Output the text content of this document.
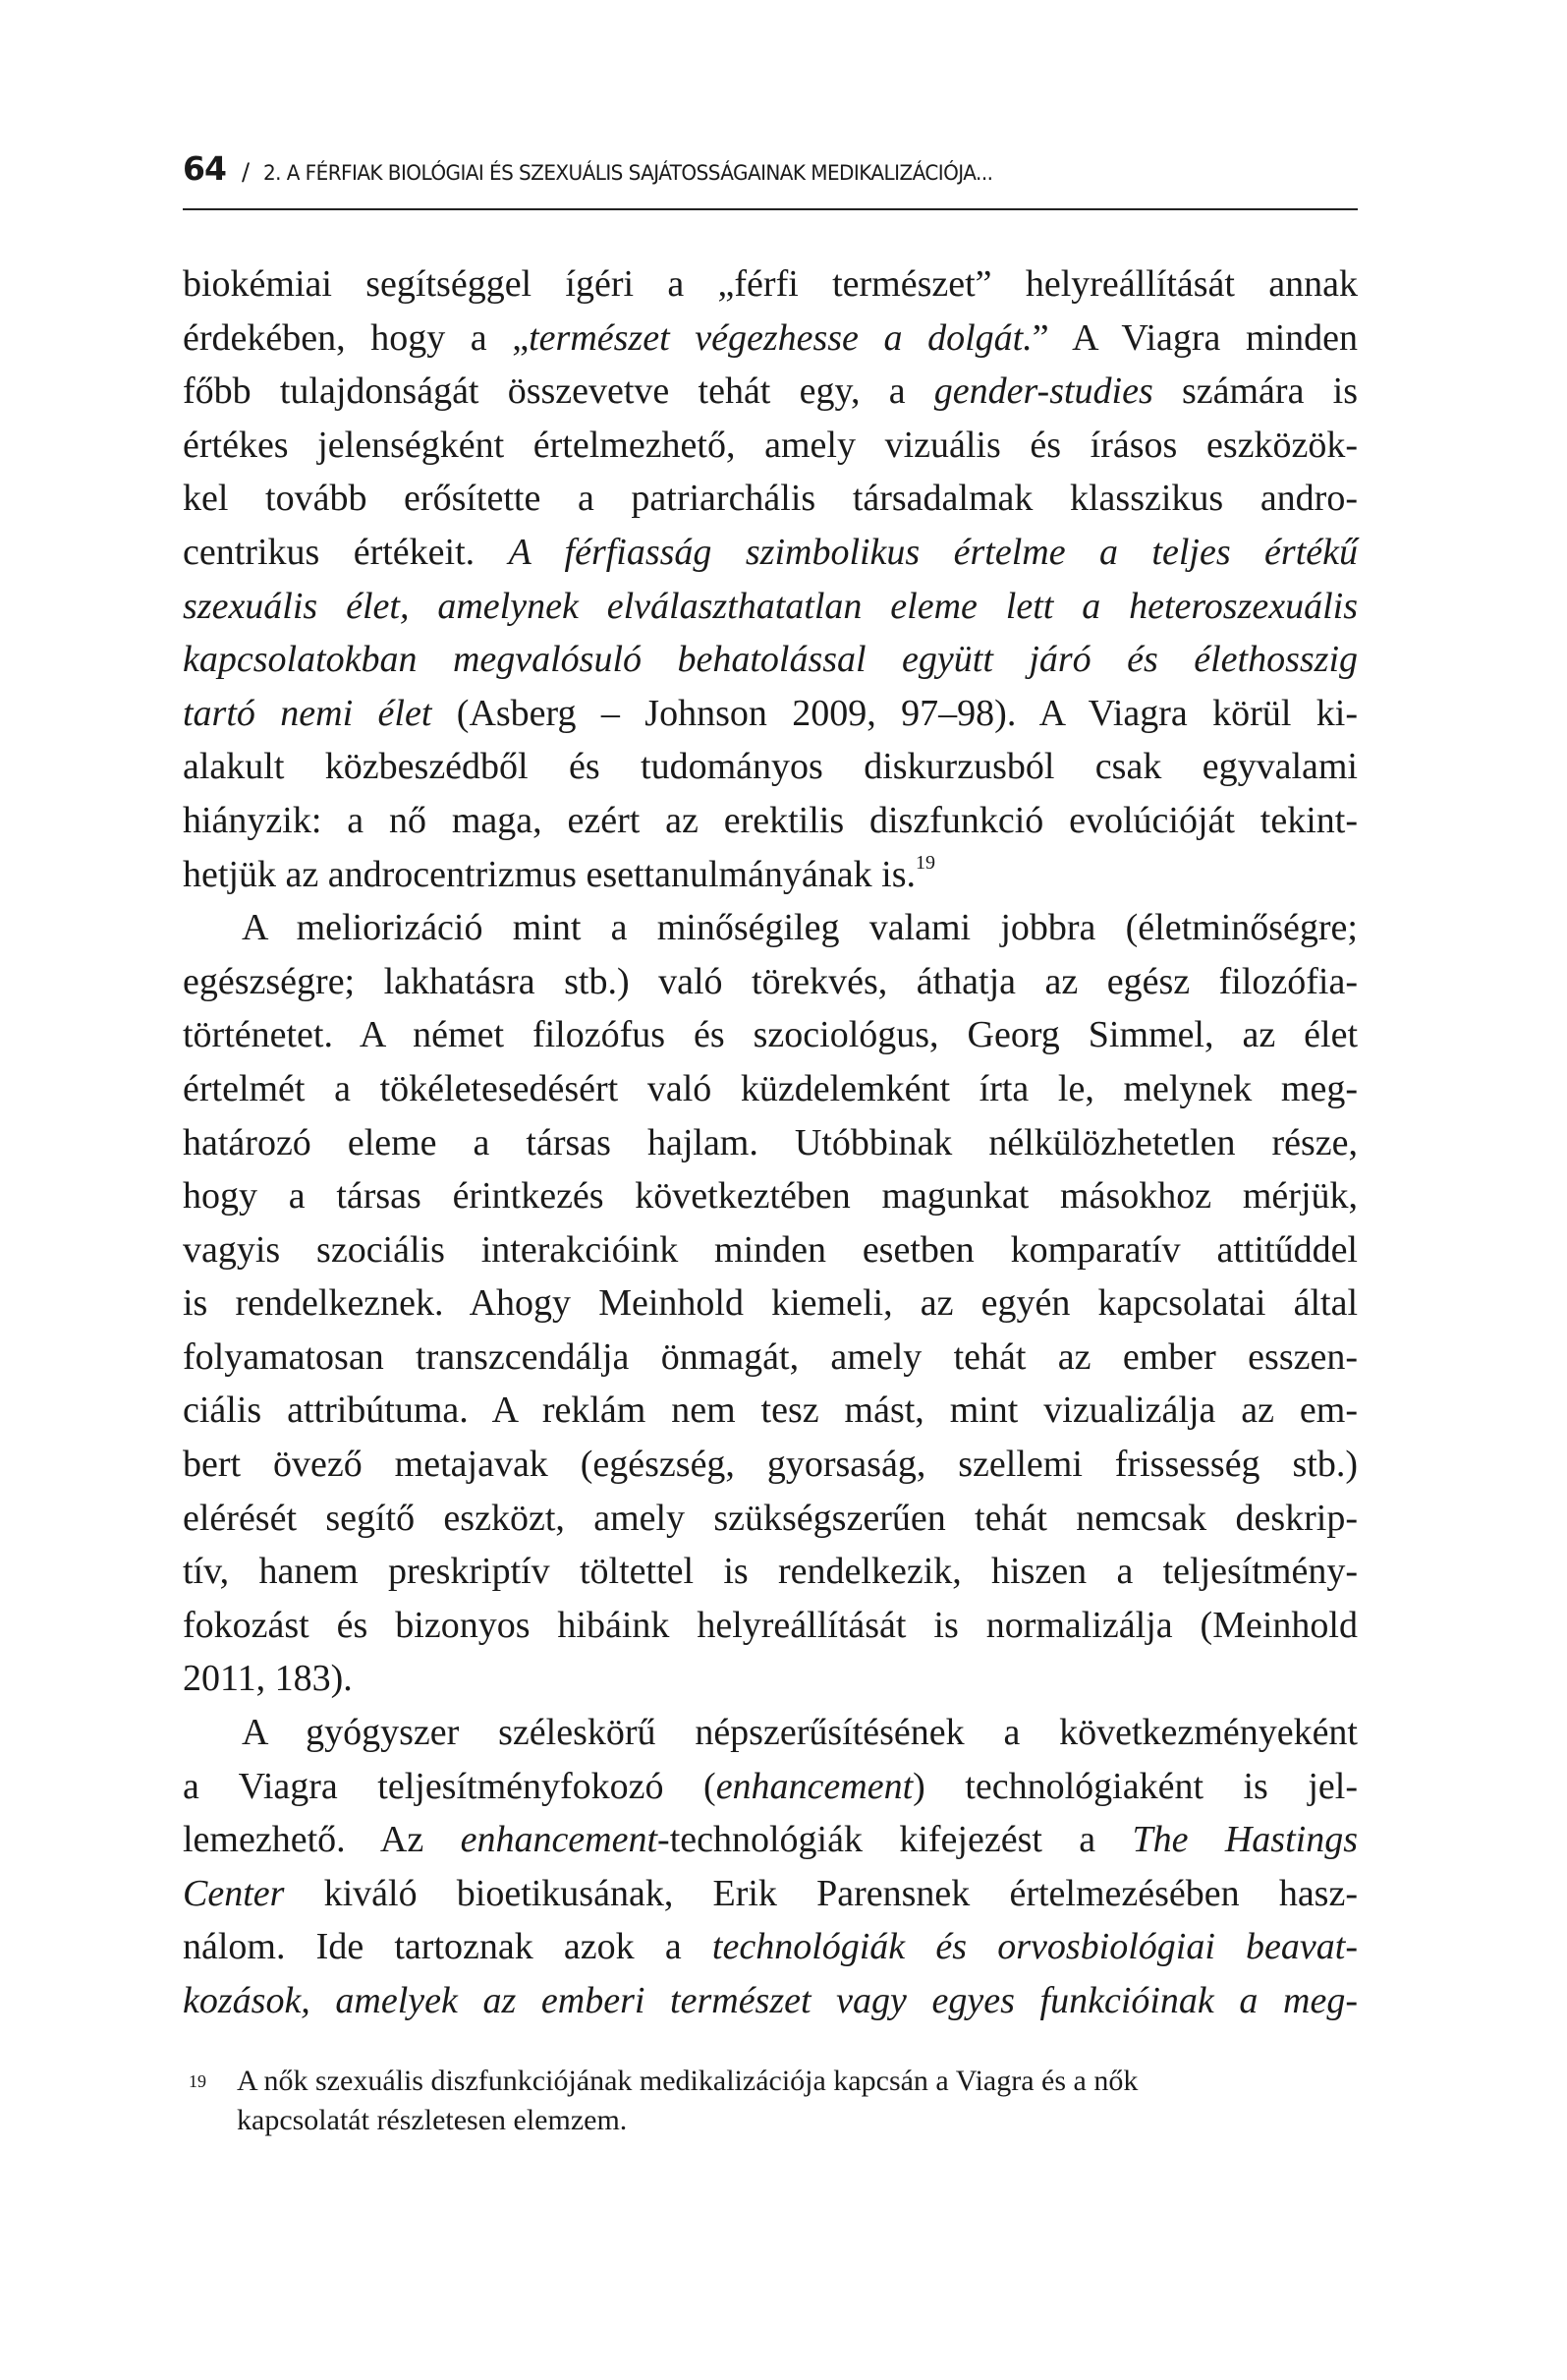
64 / 2. A FÉRFIAK BIOLÓGIAI ÉS SZEXUÁLIS SAJÁTOSSÁGAINAK MEDIKALIZÁCIÓJA...
biokémiai segítséggel ígéri a „férfi természet” helyreállítását annak
érdekében, hogy a „természet végezhesse a dolgát.” A Viagra minden
főbb tulajdonságát összevetve tehát egy, a gender-studies számára is
értékes jelenségként értelmezhető, amely vizuális és írásos eszközök-
kel tovább erősítette a patriarchális társadalmak klasszikus andro-
centrikus értékeit. A férfiasság szimbolikus értelme a teljes értékű
szexuális élet, amelynek elválaszthatatlan eleme lett a heteroszexuális
kapcsolatokban megvalósuló behatolással együtt járó és élethosszig
tartó nemi élet (Asberg – Johnson 2009, 97–98). A Viagra körül ki-
alakult közbeszédből és tudományos diskurzusból csak egyvalami
hiányzik: a nő maga, ezért az erektilis diszfunkció evolúcióját tekint-
hetjük az androcentrizmus esettanulmányának is.$^{19}$
A meliorizáció mint a minőségileg valami jobbra (életminőségre;
egészségre; lakhatásra stb.) való törekvés, áthatja az egész filozófia-
történetet. A német filozófus és szociológus, Georg Simmel, az élet
értelmét a tökéletesedésért való küzdelemként írta le, melynek meg-
határozó eleme a társas hajlam. Utóbbinak nélkülözhetetlen része,
hogy a társas érintkezés következtében magunkat másokhoz mérjük,
vagyis szociális interakcióink minden esetben komparatív attitűddel
is rendelkeznek. Ahogy Meinhold kiemeli, az egyén kapcsolatai által
folyamatosan transzcendálja önmagát, amely tehát az ember esszen-
ciális attribútuma. A reklám nem tesz mást, mint vizualizálja az em-
bert övező metajavak (egészség, gyorsaság, szellemi frissesség stb.)
elérését segítő eszközt, amely szükségszerűen tehát nemcsak deskrip-
tív, hanem preskriptív töltettel is rendelkezik, hiszen a teljesítmény-
fokozást és bizonyos hibáink helyreállítását is normalizálja (Meinhold
2011, 183).
A gyógyszer széleskörű népszerűsítésének a következményeként
a Viagra teljesítményfokozó (enhancement) technológiaként is jel-
lemezhető. Az enhancement-technológiák kifejezést a The Hastings
Center kiváló bioetikusának, Erik Parensnek értelmezésében hasz-
nálom. Ide tartoznak azok a technológiák és orvosbiológiai beavat-
kozások, amelyek az emberi természet vagy egyes funkcióinak a meg-
19 A nők szexuális diszfunkciójának medikalizációja kapcsán a Viagra és a nők
kapcsolatát részletesen elemzem.
